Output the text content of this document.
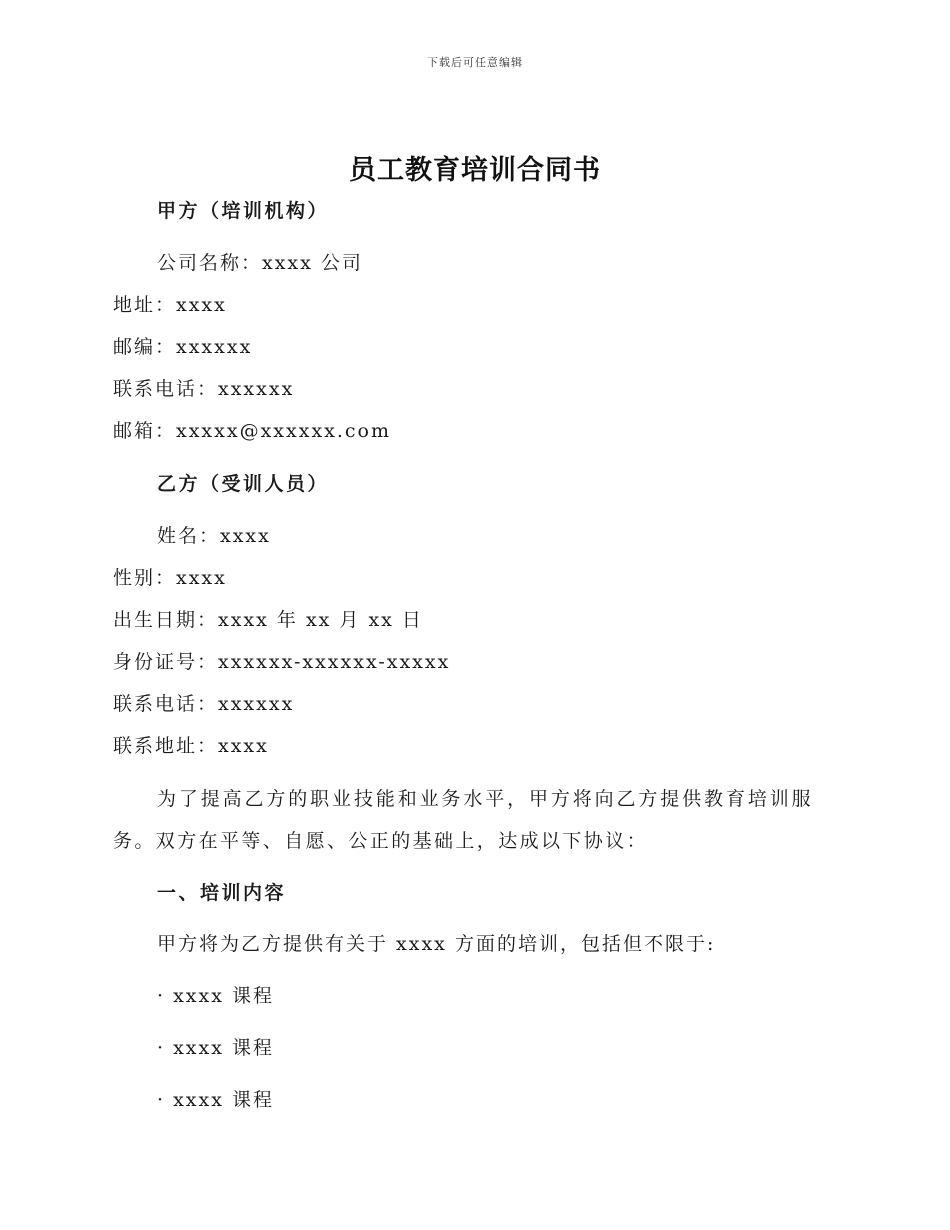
下载后可任意编辑
员工教育培训合同书
甲方（培训机构）
公司名称：xxxx 公司
地址：xxxx
邮编：xxxxxx
联系电话：xxxxxx
邮箱：xxxxx@xxxxxx.com
乙方（受训人员）
姓名：xxxx
性别：xxxx
出生日期：xxxx 年 xx 月 xx 日
身份证号：xxxxxx-xxxxxx-xxxxx
联系电话：xxxxxx
联系地址：xxxx
为了提高乙方的职业技能和业务水平，甲方将向乙方提供教育培训服务。双方在平等、自愿、公正的基础上，达成以下协议：
一、培训内容
甲方将为乙方提供有关于 xxxx 方面的培训，包括但不限于:
· xxxx 课程
· xxxx 课程
· xxxx 课程
